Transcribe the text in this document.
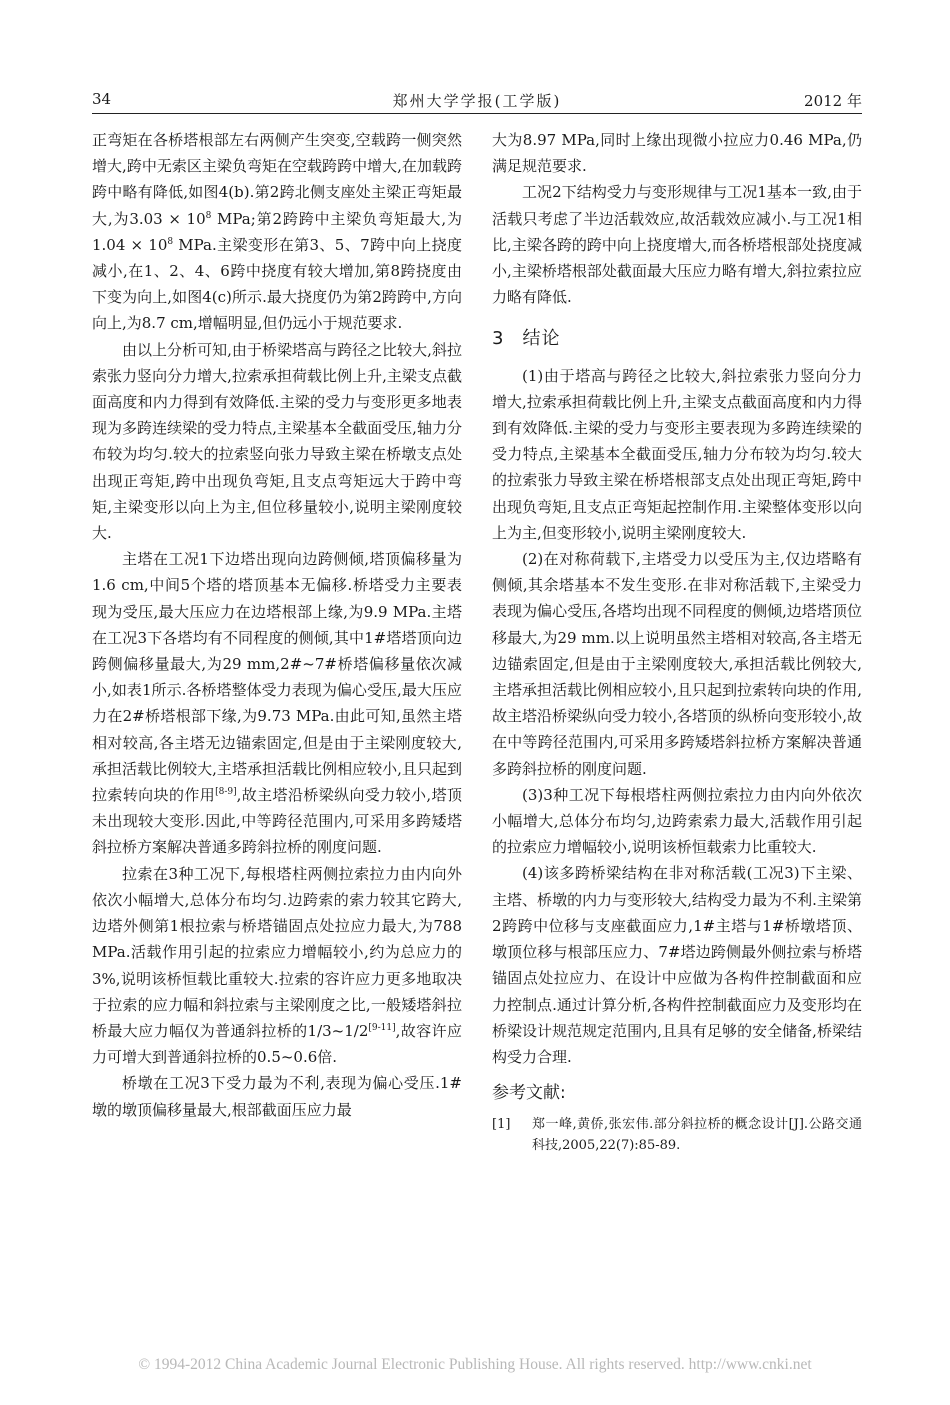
34	郑州大学学报(工学版)	2012 年

正弯矩在各桥塔根部左右两侧产生突变,空载跨一侧突然增大,跨中无索区主梁负弯矩在空载跨跨中增大,在加载跨跨中略有降低,如图4(b).第2跨北侧支座处主梁正弯矩最大,为$3.03 \times 10^8$ MPa;第2跨跨中主梁负弯矩最大,为$1.04 \times 10^8$ MPa.主梁变形在第3、5、7跨中向上挠度减小,在1、2、4、6跨中挠度有较大增加,第8跨挠度由下变为向上,如图4(c)所示.最大挠度仍为第2跨跨中,方向向上,为8.7 cm,增幅明显,但仍远小于规范要求.

由以上分析可知,由于桥梁塔高与跨径之比较大,斜拉索张力竖向分力增大,拉索承担荷载比例上升,主梁支点截面高度和内力得到有效降低.主梁的受力与变形更多地表现为多跨连续梁的受力特点,主梁基本全截面受压,轴力分布较为均匀.较大的拉索竖向张力导致主梁在桥墩支点处出现正弯矩,跨中出现负弯矩,且支点弯矩远大于跨中弯矩,主梁变形以向上为主,但位移量较小,说明主梁刚度较大.

主塔在工况1下边塔出现向边跨侧倾,塔顶偏移量为1.6 cm,中间5个塔的塔顶基本无偏移.桥塔受力主要表现为受压,最大压应力在边塔根部上缘,为9.9 MPa.主塔在工况3下各塔均有不同程度的侧倾,其中1#塔塔顶向边跨侧偏移量最大,为29 mm,2#~7#桥塔偏移量依次减小,如表1所示.各桥塔整体受力表现为偏心受压,最大压应力在2#桥塔根部下缘,为9.73 MPa.由此可知,虽然主塔相对较高,各主塔无边锚索固定,但是由于主梁刚度较大,承担活载比例较大,主塔承担活载比例相应较小,且只起到拉索转向块的作用[8-9],故主塔沿桥梁纵向受力较小,塔顶未出现较大变形.因此,中等跨径范围内,可采用多跨矮塔斜拉桥方案解决普通多跨斜拉桥的刚度问题.

拉索在3种工况下,每根塔柱两侧拉索拉力由内向外依次小幅增大,总体分布均匀.边跨索的索力较其它跨大,边塔外侧第1根拉索与桥塔锚固点处拉应力最大,为788 MPa.活载作用引起的拉索应力增幅较小,约为总应力的3%,说明该桥恒载比重较大.拉索的容许应力更多地取决于拉索的应力幅和斜拉索与主梁刚度之比,一般矮塔斜拉桥最大应力幅仅为普通斜拉桥的1/3~1/2[9-11],故容许应力可增大到普通斜拉桥的0.5~0.6倍.

桥墩在工况3下受力最为不利,表现为偏心受压.1#墩的墩顶偏移量最大,根部截面压应力最

大为8.97 MPa,同时上缘出现微小拉应力0.46 MPa,仍满足规范要求.

工况2下结构受力与变形规律与工况1基本一致,由于活载只考虑了半边活载效应,故活载效应减小.与工况1相比,主梁各跨的跨中向上挠度增大,而各桥塔根部处挠度减小,主梁桥塔根部处截面最大压应力略有增大,斜拉索拉应力略有降低.

3 结论

(1)由于塔高与跨径之比较大,斜拉索张力竖向分力增大,拉索承担荷载比例上升,主梁支点截面高度和内力得到有效降低.主梁的受力与变形主要表现为多跨连续梁的受力特点,主梁基本全截面受压,轴力分布较为均匀.较大的拉索张力导致主梁在桥塔根部支点处出现正弯矩,跨中出现负弯矩,且支点正弯矩起控制作用.主梁整体变形以向上为主,但变形较小,说明主梁刚度较大.

(2)在对称荷载下,主塔受力以受压为主,仅边塔略有侧倾,其余塔基本不发生变形.在非对称活载下,主梁受力表现为偏心受压,各塔均出现不同程度的侧倾,边塔塔顶位移最大,为29 mm.以上说明虽然主塔相对较高,各主塔无边锚索固定,但是由于主梁刚度较大,承担活载比例较大,主塔承担活载比例相应较小,且只起到拉索转向块的作用,故主塔沿桥梁纵向受力较小,各塔顶的纵桥向变形较小,故在中等跨径范围内,可采用多跨矮塔斜拉桥方案解决普通多跨斜拉桥的刚度问题.

(3)3种工况下每根塔柱两侧拉索拉力由内向外依次小幅增大,总体分布均匀,边跨索索力最大,活载作用引起的拉索应力增幅较小,说明该桥恒载索力比重较大.

(4)该多跨桥梁结构在非对称活载(工况3)下主梁、主塔、桥墩的内力与变形较大,结构受力最为不利.主梁第2跨跨中位移与支座截面应力,1#主塔与1#桥墩塔顶、墩顶位移与根部压应力、7#塔边跨侧最外侧拉索与桥塔锚固点处拉应力、在设计中应做为各构件控制截面和应力控制点.通过计算分析,各构件控制截面应力及变形均在桥梁设计规范规定范围内,且具有足够的安全储备,桥梁结构受力合理.

参考文献:
[1] 郑一峰,黄侨,张宏伟.部分斜拉桥的概念设计[J].公路交通科技,2005,22(7):85-89.
© 1994-2012 China Academic Journal Electronic Publishing House. All rights reserved. http://www.cnki.net
